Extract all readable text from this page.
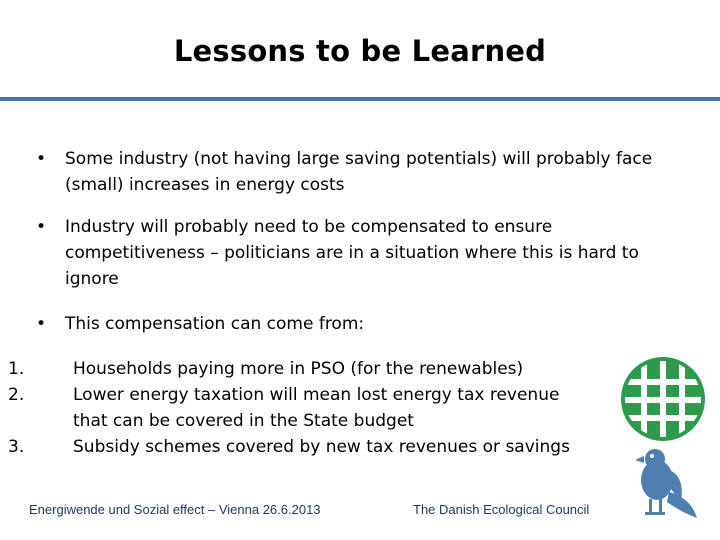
Lessons to be Learned
• Some industry (not having large saving potentials) will probably face (small) increases in energy costs
• Industry will probably need to be compensated to ensure competitiveness – politicians are in a situation where this is hard to ignore
• This compensation can come from:
1.	Households paying more in PSO (for the renewables)
2.	Lower energy taxation will mean lost energy tax revenue that can be covered in the State budget
3.	Subsidy schemes covered by new tax revenues or savings
Energiwende und Sozial effect – Vienna 26.6.2013	The Danish Ecological Council
